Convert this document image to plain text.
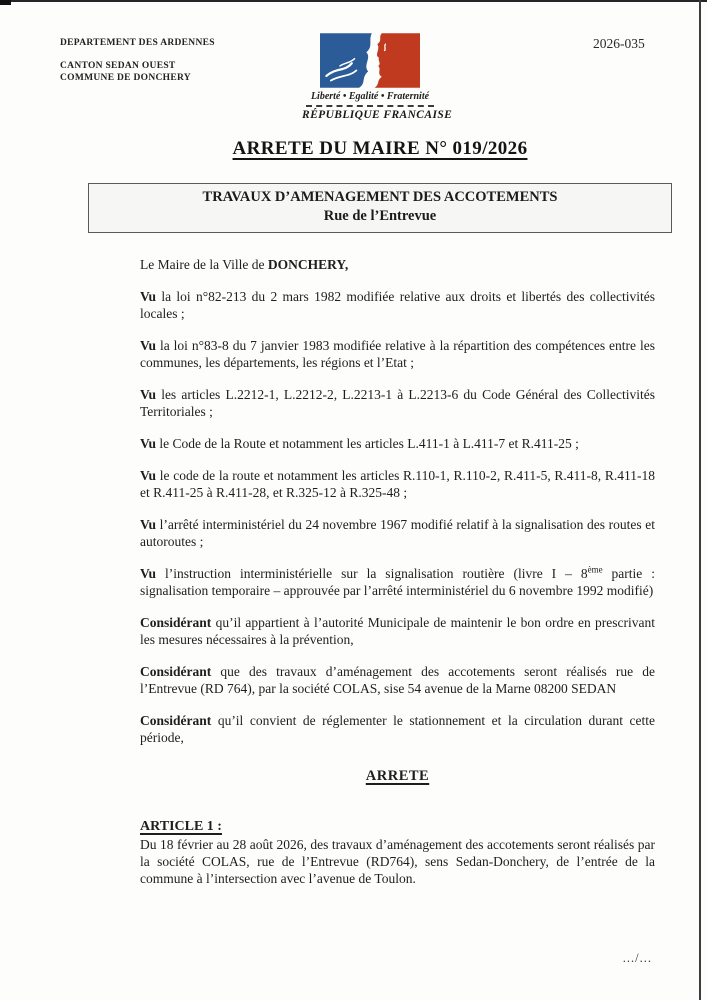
DEPARTEMENT DES ARDENNES
CANTON SEDAN OUEST
COMMUNE DE DONCHERY
2026-035
Liberté • Egalité • Fraternité
RÉPUBLIQUE FRANCAISE
ARRETE DU MAIRE N° 019/2026
TRAVAUX D’AMENAGEMENT DES ACCOTEMENTS
Rue de l’Entrevue

Le Maire de la Ville de DONCHERY,

Vu la loi n°82-213 du 2 mars 1982 modifiée relative aux droits et libertés des collectivités locales ;

Vu la loi n°83-8 du 7 janvier 1983 modifiée relative à la répartition des compétences entre les communes, les départements, les régions et l’Etat ;

Vu les articles L.2212-1, L.2212-2, L.2213-1 à L.2213-6 du Code Général des Collectivités Territoriales ;

Vu le Code de la Route et notamment les articles L.411-1 à L.411-7 et R.411-25 ;

Vu le code de la route et notamment les articles R.110-1, R.110-2, R.411-5, R.411-8, R.411-18 et R.411-25 à R.411-28, et R.325-12 à R.325-48 ;

Vu l’arrêté interministériel du 24 novembre 1967 modifié relatif à la signalisation des routes et autoroutes ;

Vu l’instruction interministérielle sur la signalisation routière (livre I – 8ème partie : signalisation temporaire – approuvée par l’arrêté interministériel du 6 novembre 1992 modifié)

Considérant qu’il appartient à l’autorité Municipale de maintenir le bon ordre en prescrivant les mesures nécessaires à la prévention,

Considérant que des travaux d’aménagement des accotements seront réalisés rue de l’Entrevue (RD 764), par la société COLAS, sise 54 avenue de la Marne 08200 SEDAN

Considérant qu’il convient de réglementer le stationnement et la circulation durant cette période,

ARRETE
ARTICLE 1 :
Du 18 février au 28 août 2026, des travaux d’aménagement des accotements seront réalisés par la société COLAS, rue de l’Entrevue (RD764), sens Sedan-Donchery, de l’entrée de la commune à l’intersection avec l’avenue de Toulon.
.../...
